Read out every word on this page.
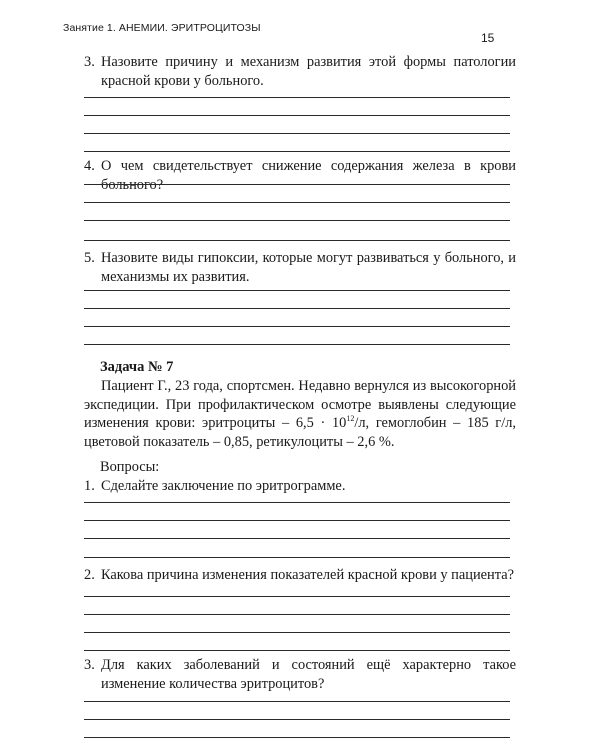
Занятие 1. АНЕМИИ. ЭРИТРОЦИТОЗЫ
15
3. Назовите причину и механизм развития этой формы патологии красной крови у больного.
4. О чем свидетельствует снижение содержания железа в крови больного?
5. Назовите виды гипоксии, которые могут развиваться у больного, и механизмы их развития.
Задача № 7
Пациент Г., 23 года, спортсмен. Недавно вернулся из высокогорной экспедиции. При профилактическом осмотре выявлены следующие изменения крови: эритроциты – $6,5 \cdot 10^{12}/л$, гемоглобин – 185 г/л, цветовой показатель – 0,85, ретикулоциты – 2,6 %.
Вопросы:
1. Сделайте заключение по эритрограмме.
2. Какова причина изменения показателей красной крови у пациента?
3. Для каких заболеваний и состояний ещё характерно такое изменение количества эритроцитов?
